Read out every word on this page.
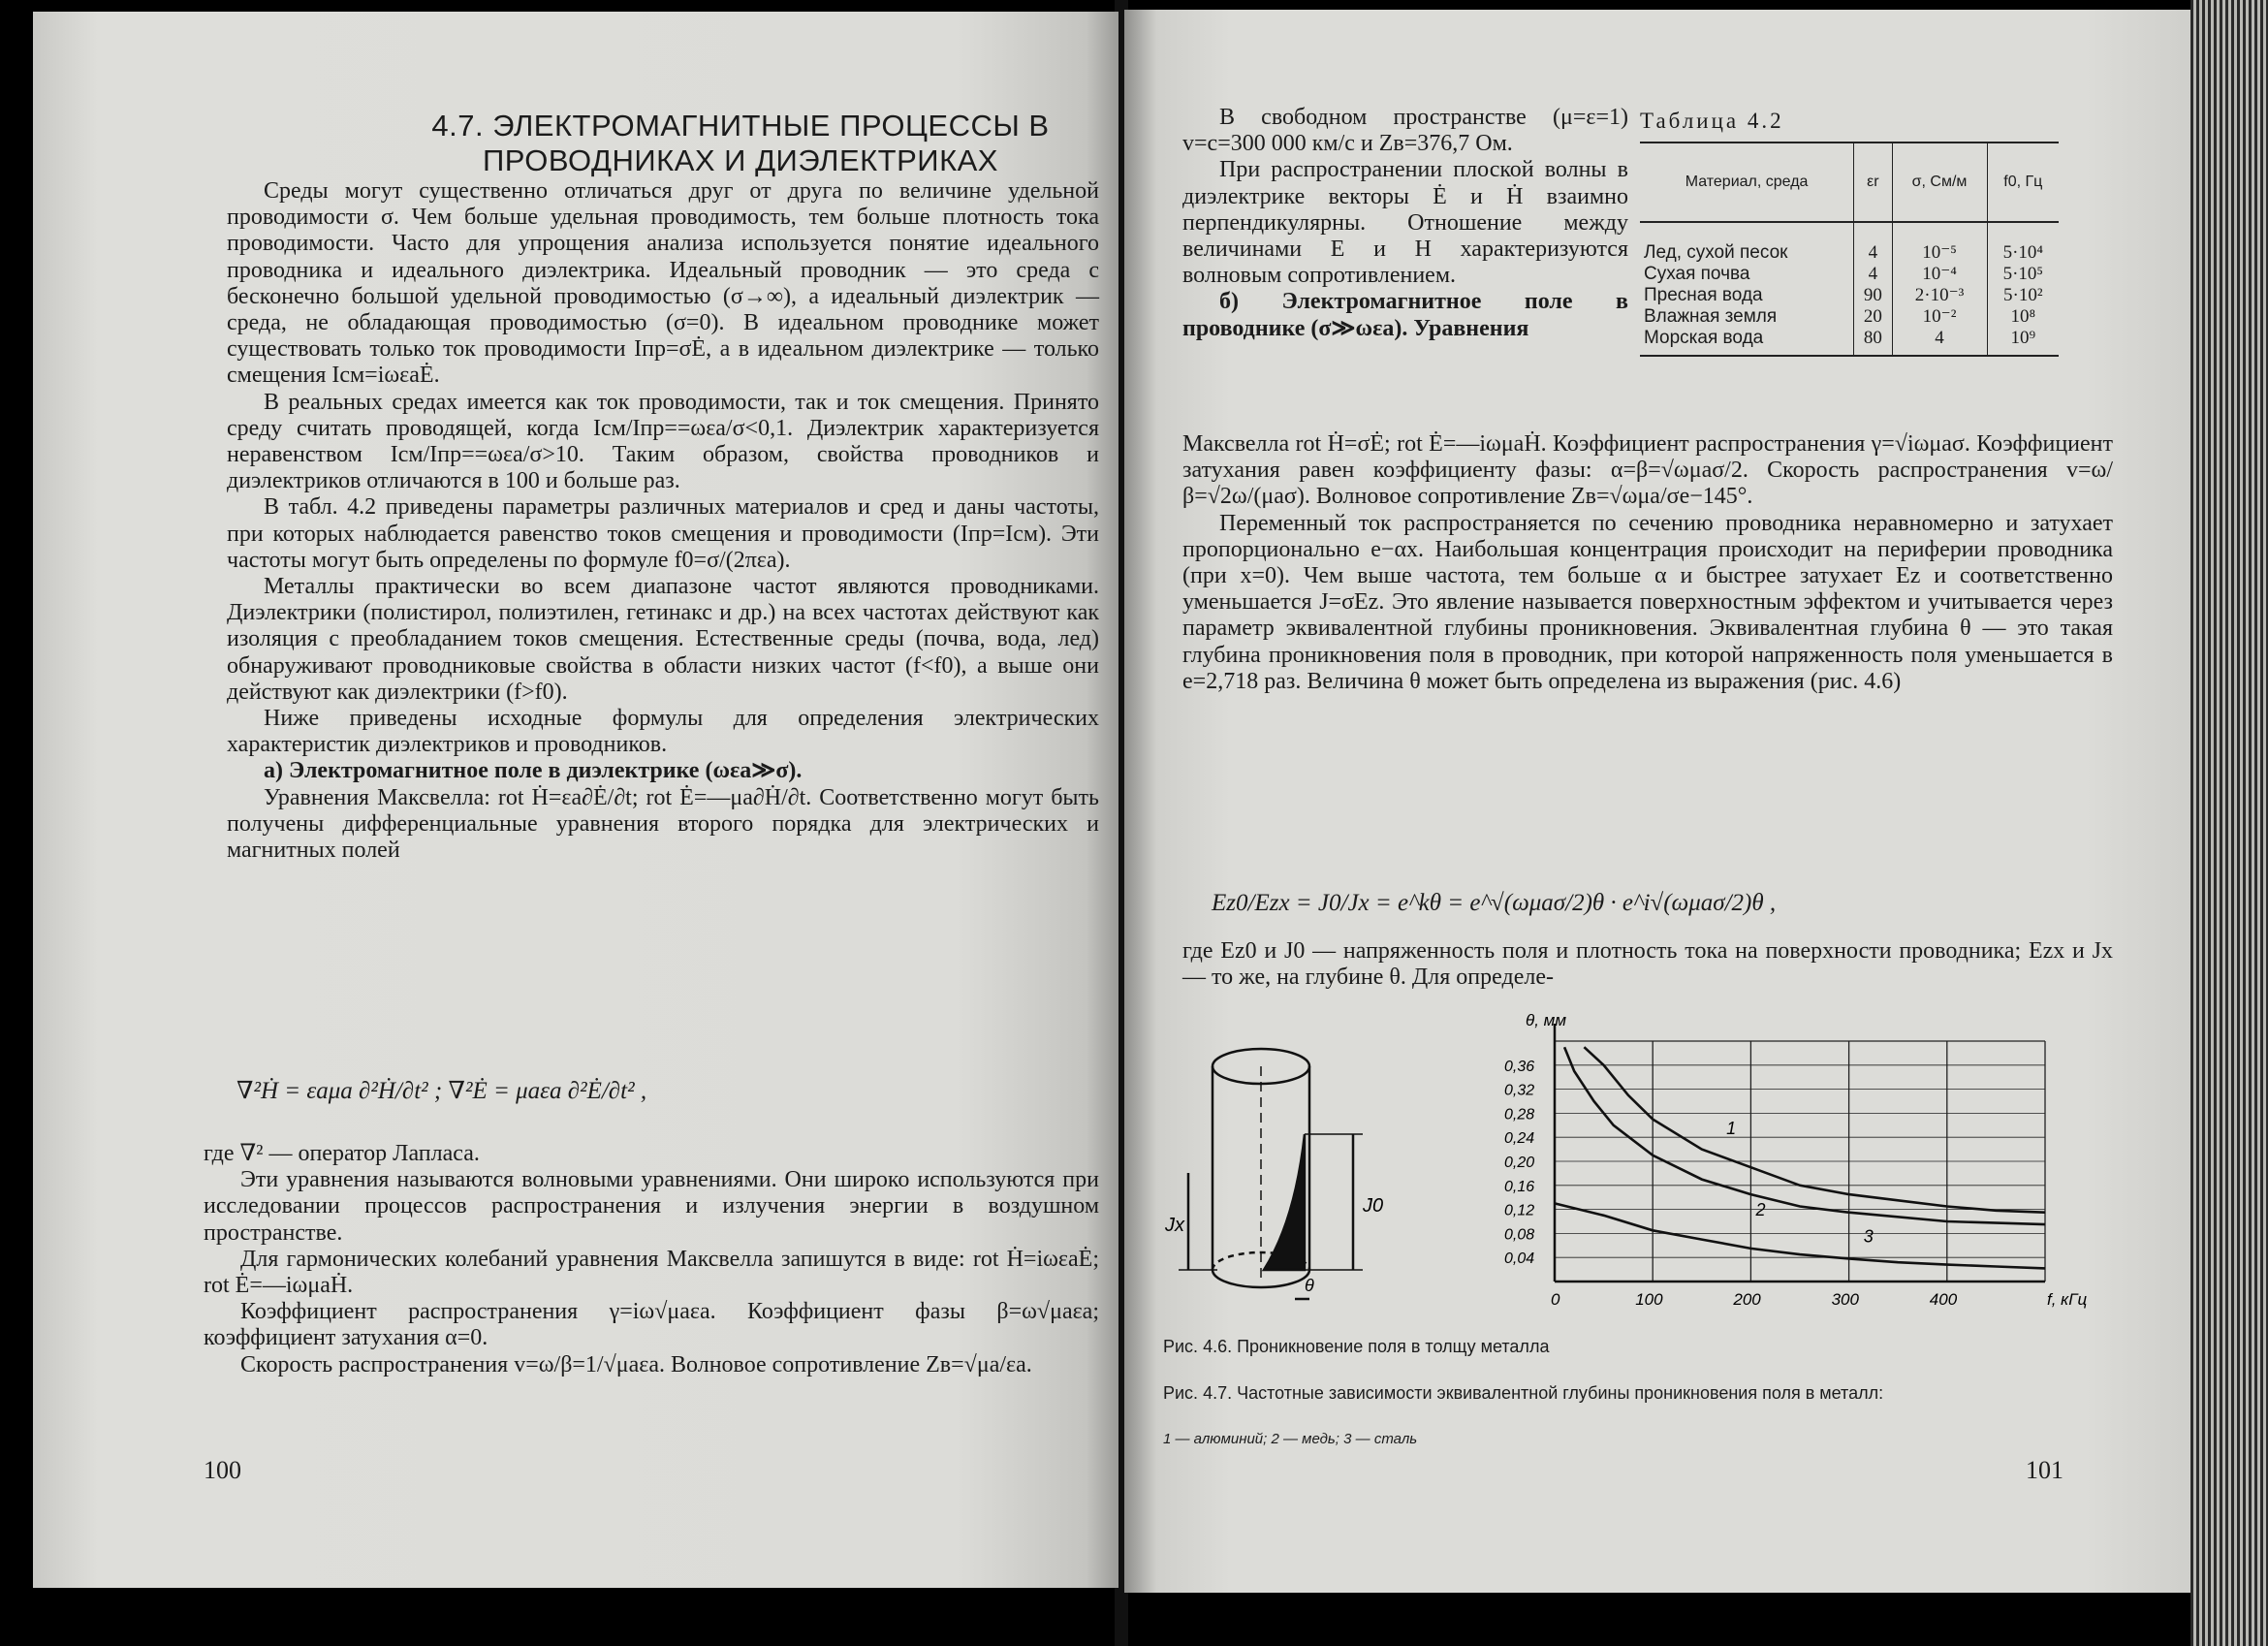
4.7. ЭЛЕКТРОМАГНИТНЫЕ ПРОЦЕССЫ В
ПРОВОДНИКАХ И ДИЭЛЕКТРИКАХ

Среды могут существенно отличаться друг от друга по величине удельной проводимости σ. Чем больше удельная проводимость, тем больше плотность тока проводимости. Часто для упрощения анализа используется понятие идеального проводника и идеального диэлектрика. Идеальный проводник — это среда с бесконечно большой удельной проводимостью (σ→∞), а идеальный диэлектрик — среда, не обладающая проводимостью (σ=0). В идеальном проводнике может существовать только ток проводимости Iпр=σĖ, а в идеальном диэлектрике — только смещения Iсм=iωεaĖ.

В реальных средах имеется как ток проводимости, так и ток смещения. Принято среду считать проводящей, когда Iсм/Iпр==ωεa/σ<0,1. Диэлектрик характеризуется неравенством Iсм/Iпр==ωεa/σ>10. Таким образом, свойства проводников и диэлектриков отличаются в 100 и больше раз.

В табл. 4.2 приведены параметры различных материалов и сред и даны частоты, при которых наблюдается равенство токов смещения и проводимости (Iпр=Iсм). Эти частоты могут быть определены по формуле f0=σ/(2πεa).

Металлы практически во всем диапазоне частот являются проводниками. Диэлектрики (полистирол, полиэтилен, гетинакс и др.) на всех частотах действуют как изоляция с преобладанием токов смещения. Естественные среды (почва, вода, лед) обнаруживают проводниковые свойства в области низких частот (f<f0), а выше они действуют как диэлектрики (f>f0).

Ниже приведены исходные формулы для определения электрических характеристик диэлектриков и проводников.

а) Электромагнитное поле в диэлектрике (ωεa≫σ).

Уравнения Максвелла: rot Ḣ=εa∂Ė/∂t; rot Ė=—μa∂Ḣ/∂t. Соответственно могут быть получены дифференциальные уравнения второго порядка для электрических и магнитных полей

∇²Ḣ = εaμa ∂²Ḣ/∂t² ; ∇²Ė = μaεa ∂²Ė/∂t² ,

где ∇² — оператор Лапласа.

Эти уравнения называются волновыми уравнениями. Они широко используются при исследовании процессов распространения и излучения энергии в воздушном пространстве.

Для гармонических колебаний уравнения Максвелла запишутся в виде: rot Ḣ=iωεaĖ; rot Ė=—iωμaḢ.

Коэффициент распространения γ=iω√μaεa. Коэффициент фазы β=ω√μaεa; коэффициент затухания α=0.

Скорость распространения v=ω/β=1/√μaεa. Волновое сопротивление Zв=√μa/εa.

100

В свободном пространстве (μ=ε=1) v=c=300 000 км/с и Zв=376,7 Ом.

При распространении плоской волны в диэлектрике векторы Ė и Ḣ взаимно перпендикулярны. Отношение между величинами E и H характеризуются волновым сопротивлением.

б) Электромагнитное поле в проводнике (σ≫ωεa). Уравнения

Максвелла rot Ḣ=σĖ; rot Ė=—iωμaḢ. Коэффициент распространения γ=√iωμaσ. Коэффициент затухания равен коэффициенту фазы: α=β=√ωμaσ/2. Скорость распространения v=ω/β=√2ω/(μaσ). Волновое сопротивление Zв=√ωμa/σe−145°.

Переменный ток распространяется по сечению проводника неравномерно и затухает пропорционально e−αx. Наибольшая концентрация происходит на периферии проводника (при x=0). Чем выше частота, тем больше α и быстрее затухает Ez и соответственно уменьшается J=σEz. Это явление называется поверхностным эффектом и учитывается через параметр эквивалентной глубины проникновения. Эквивалентная глубина θ — это такая глубина проникновения поля в проводник, при которой напряженность поля уменьшается в e=2,718 раз. Величина θ может быть определена из выражения (рис. 4.6)

Ez0/Ezx = J0/Jx = e^kθ = e^√(ωμaσ/2)θ · e^i√(ωμaσ/2)θ ,

где Ez0 и J0 — напряженность поля и плотность тока на поверхности проводника; Ezx и Jx — то же, на глубине θ. Для определе-

101
Таблица 4.2
Материал, среда	εr	σ, См/м	f0, Гц
Лед, сухой песок	4	10⁻⁵	5·10⁴
Сухая почва	4	10⁻⁴	5·10⁵
Пресная вода	90	2·10⁻³	5·10²
Влажная земля	20	10⁻²	10⁸
Морская вода	80	4	10⁹
Jx
J0
θ
0	100	200	300	400
0,04
0,08
0,12
0,16
0,20
0,24
0,28
0,32
0,36
θ, мм
f, кГц
1
2
3
Рис. 4.6. Проникновение поля в толщу металла
Рис. 4.7. Частотные зависимости эквивалентной глубины проникновения поля в металл:
1 — алюминий; 2 — медь; 3 — сталь
